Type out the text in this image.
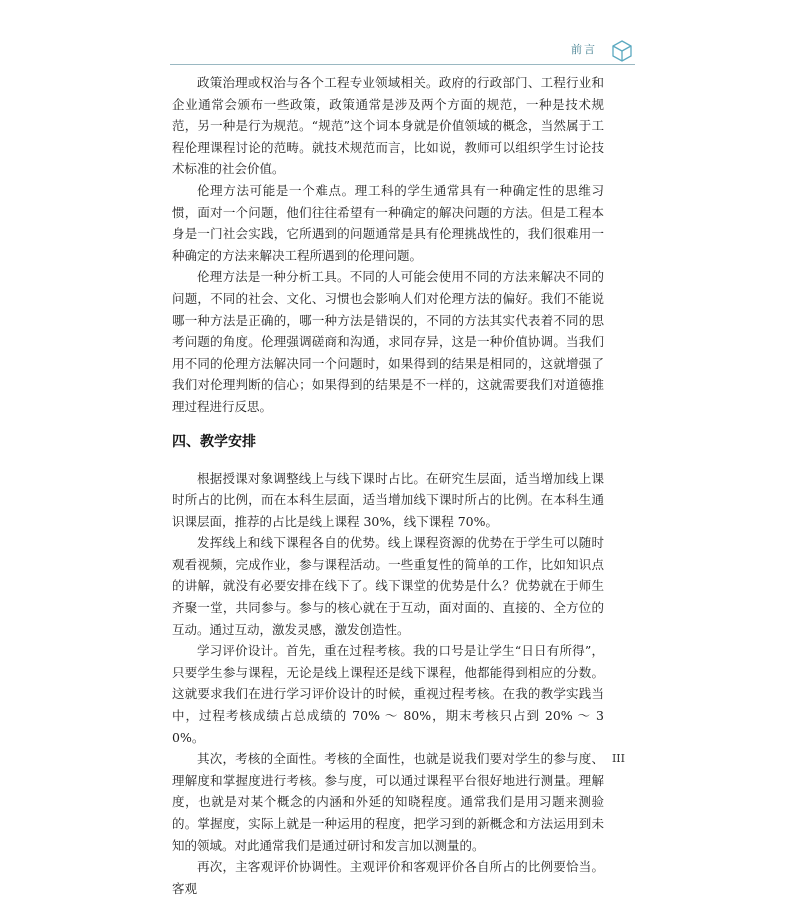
前言

政策治理或权治与各个工程专业领域相关。政府的行政部门、工程行业和企业通常会颁布一些政策，政策通常是涉及两个方面的规范，一种是技术规范，另一种是行为规范。“规范”这个词本身就是价值领域的概念，当然属于工程伦理课程讨论的范畴。就技术规范而言，比如说，教师可以组织学生讨论技术标准的社会价值。

伦理方法可能是一个难点。理工科的学生通常具有一种确定性的思维习惯，面对一个问题，他们往往希望有一种确定的解决问题的方法。但是工程本身是一门社会实践，它所遇到的问题通常是具有伦理挑战性的，我们很难用一种确定的方法来解决工程所遇到的伦理问题。

伦理方法是一种分析工具。不同的人可能会使用不同的方法来解决不同的问题，不同的社会、文化、习惯也会影响人们对伦理方法的偏好。我们不能说哪一种方法是正确的，哪一种方法是错误的，不同的方法其实代表着不同的思考问题的角度。伦理强调磋商和沟通，求同存异，这是一种价值协调。当我们用不同的伦理方法解决同一个问题时，如果得到的结果是相同的，这就增强了我们对伦理判断的信心；如果得到的结果是不一样的，这就需要我们对道德推理过程进行反思。

四、教学安排

根据授课对象调整线上与线下课时占比。在研究生层面，适当增加线上课时所占的比例，而在本科生层面，适当增加线下课时所占的比例。在本科生通识课层面，推荐的占比是线上课程 30%，线下课程 70%。

发挥线上和线下课程各自的优势。线上课程资源的优势在于学生可以随时观看视频，完成作业，参与课程活动。一些重复性的简单的工作，比如知识点的讲解，就没有必要安排在线下了。线下课堂的优势是什么？优势就在于师生齐聚一堂，共同参与。参与的核心就在于互动，面对面的、直接的、全方位的互动。通过互动，激发灵感，激发创造性。

学习评价设计。首先，重在过程考核。我的口号是让学生“日日有所得”，只要学生参与课程，无论是线上课程还是线下课程，他都能得到相应的分数。这就要求我们在进行学习评价设计的时候，重视过程考核。在我的教学实践当中，过程考核成绩占总成绩的 70% ～ 80%，期末考核只占到 20% ～ 30%。

其次，考核的全面性。考核的全面性，也就是说我们要对学生的参与度、理解度和掌握度进行考核。参与度，可以通过课程平台很好地进行测量。理解度，也就是对某个概念的内涵和外延的知晓程度。通常我们是用习题来测验的。掌握度，实际上就是一种运用的程度，把学习到的新概念和方法运用到未知的领域。对此通常我们是通过研讨和发言加以测量的。

再次，主客观评价协调性。主观评价和客观评价各自所占的比例要恰当。客观

III
